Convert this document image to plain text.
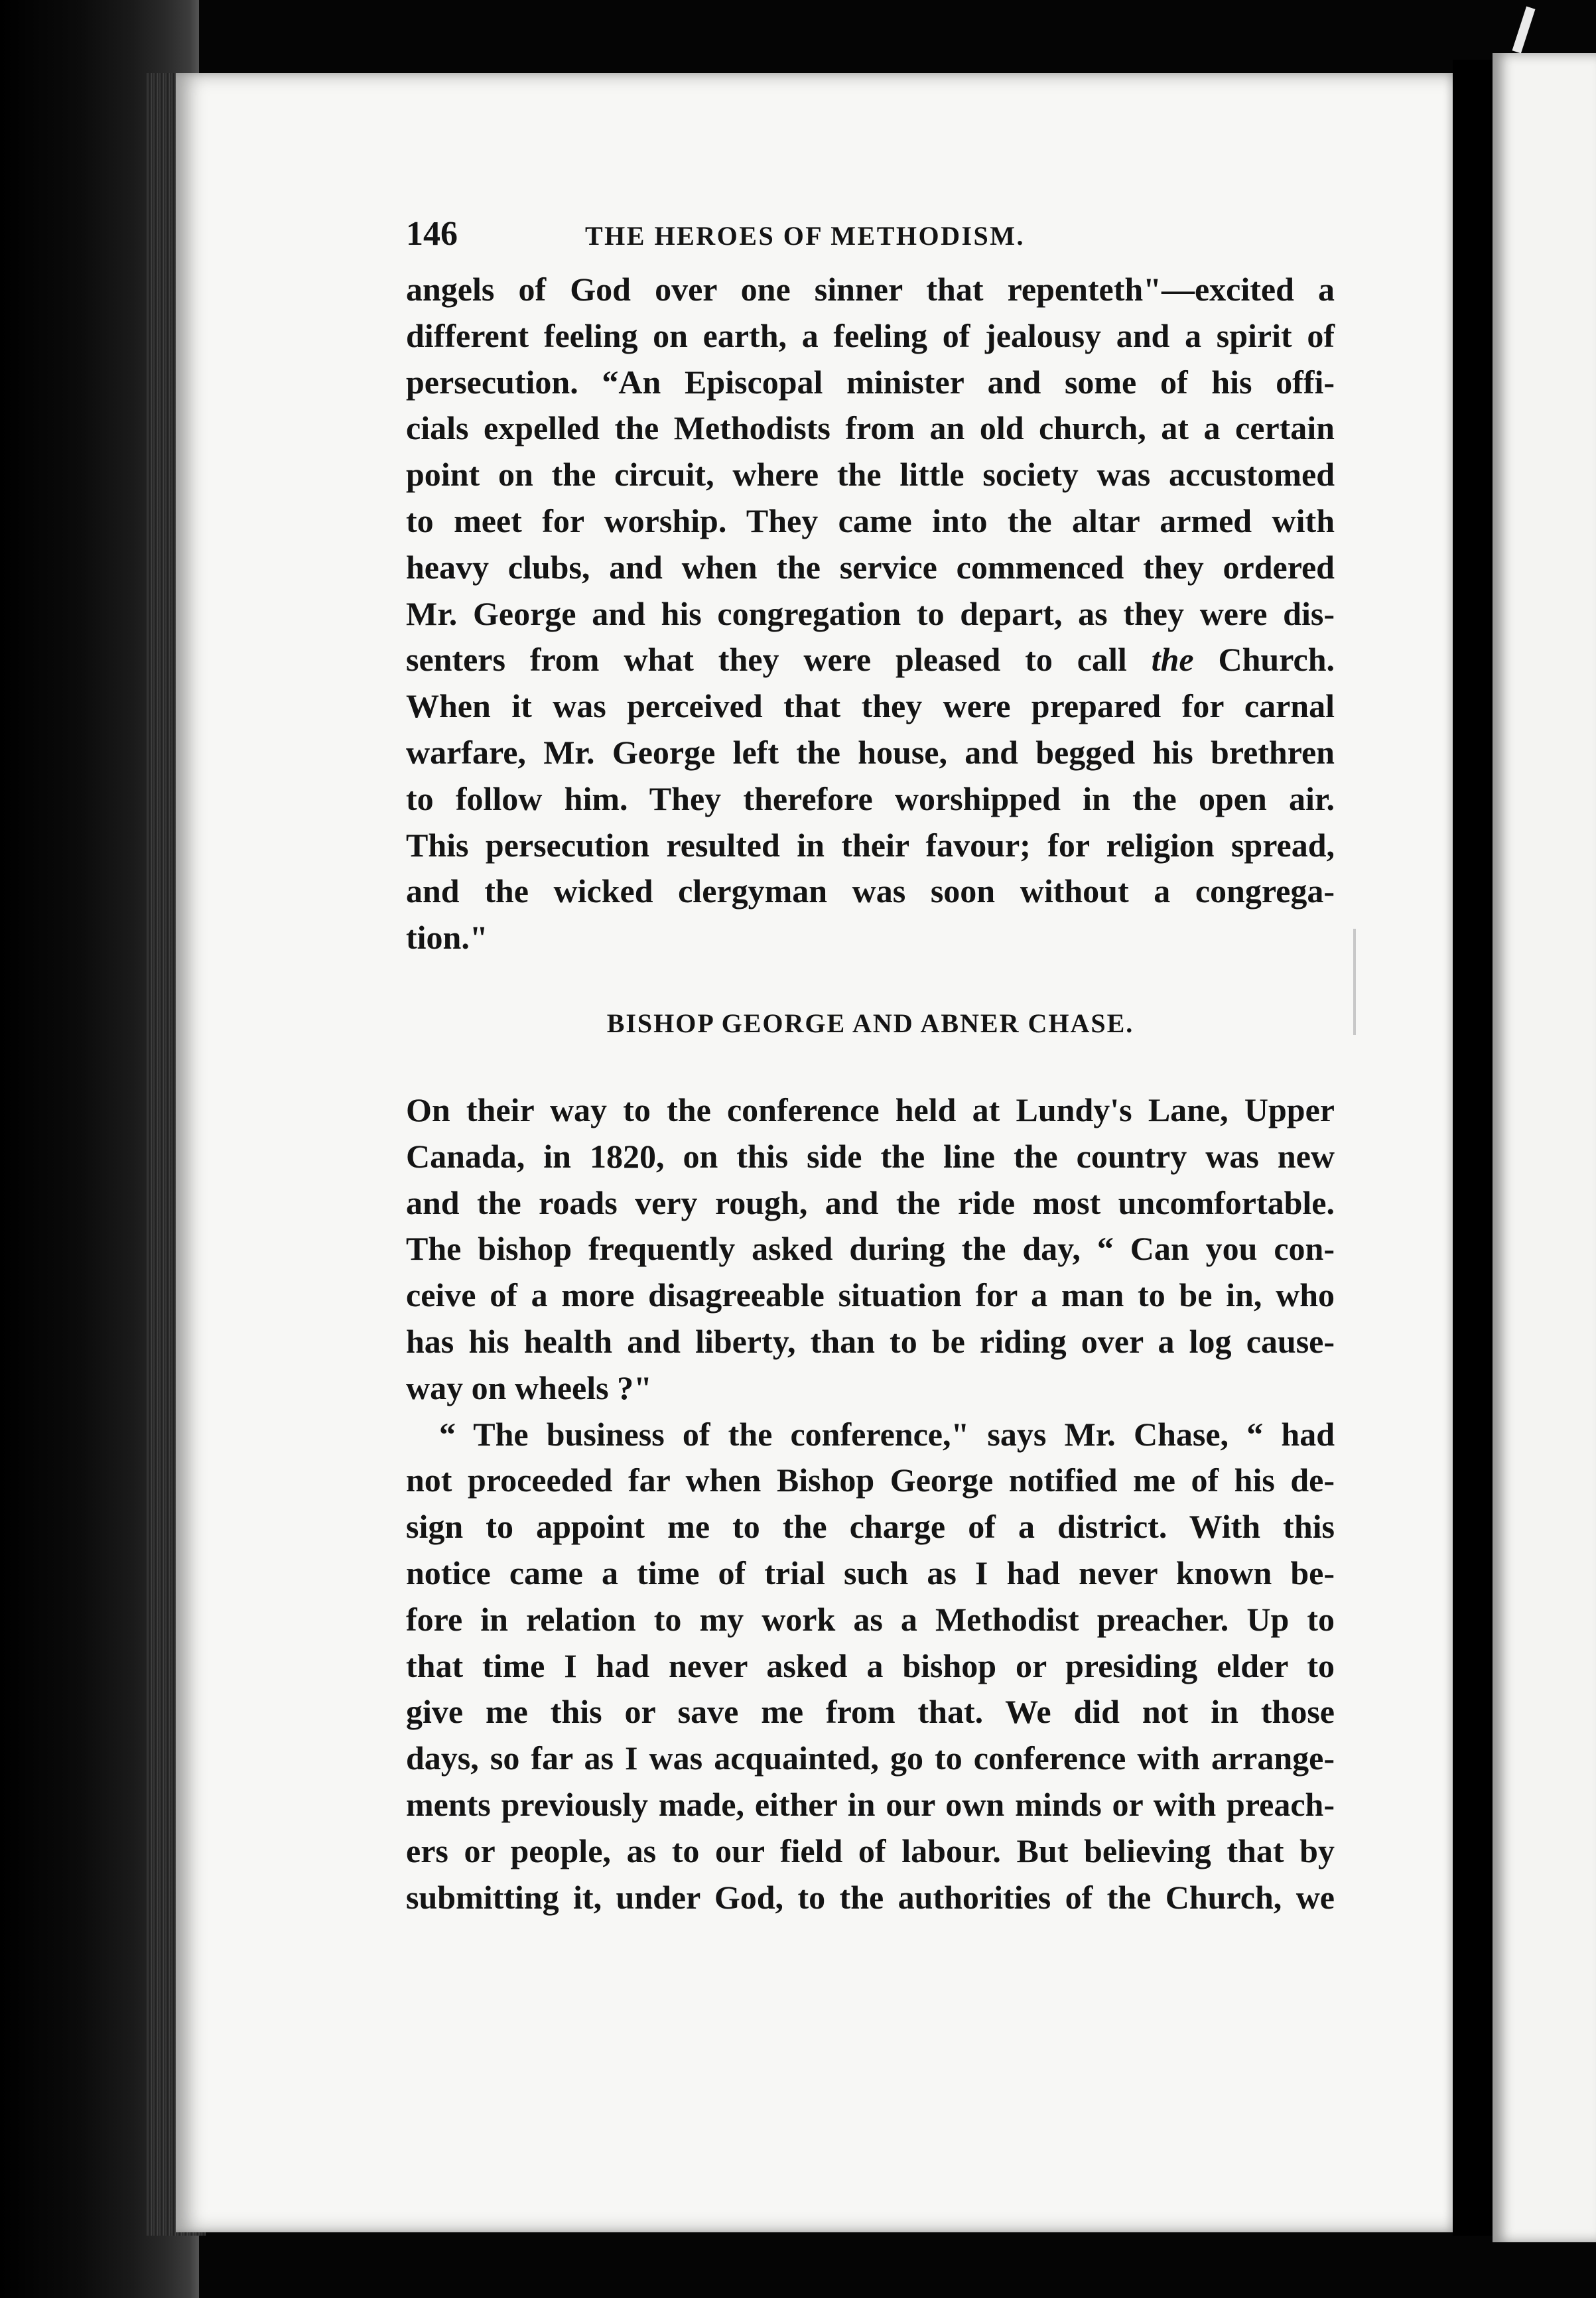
146	THE HEROES OF METHODISM.
angels of God over one sinner that repenteth"—excited a
different feeling on earth, a feeling of jealousy and a spirit of
persecution. “An Episcopal minister and some of his offi-
cials expelled the Methodists from an old church, at a certain
point on the circuit, where the little society was accustomed
to meet for worship. They came into the altar armed with
heavy clubs, and when the service commenced they ordered
Mr. George and his congregation to depart, as they were dis-
senters from what they were pleased to call the Church.
When it was perceived that they were prepared for carnal
warfare, Mr. George left the house, and begged his brethren
to follow him. They therefore worshipped in the open air.
This persecution resulted in their favour; for religion spread,
and the wicked clergyman was soon without a congrega-
tion."
BISHOP GEORGE AND ABNER CHASE.
On their way to the conference held at Lundy's Lane, Upper
Canada, in 1820, on this side the line the country was new
and the roads very rough, and the ride most uncomfortable.
The bishop frequently asked during the day, “ Can you con-
ceive of a more disagreeable situation for a man to be in, who
has his health and liberty, than to be riding over a log cause-
way on wheels ?"
“ The business of the conference," says Mr. Chase, “ had
not proceeded far when Bishop George notified me of his de-
sign to appoint me to the charge of a district. With this
notice came a time of trial such as I had never known be-
fore in relation to my work as a Methodist preacher. Up to
that time I had never asked a bishop or presiding elder to
give me this or save me from that. We did not in those
days, so far as I was acquainted, go to conference with arrange-
ments previously made, either in our own minds or with preach-
ers or people, as to our field of labour. But believing that by
submitting it, under God, to the authorities of the Church, we
